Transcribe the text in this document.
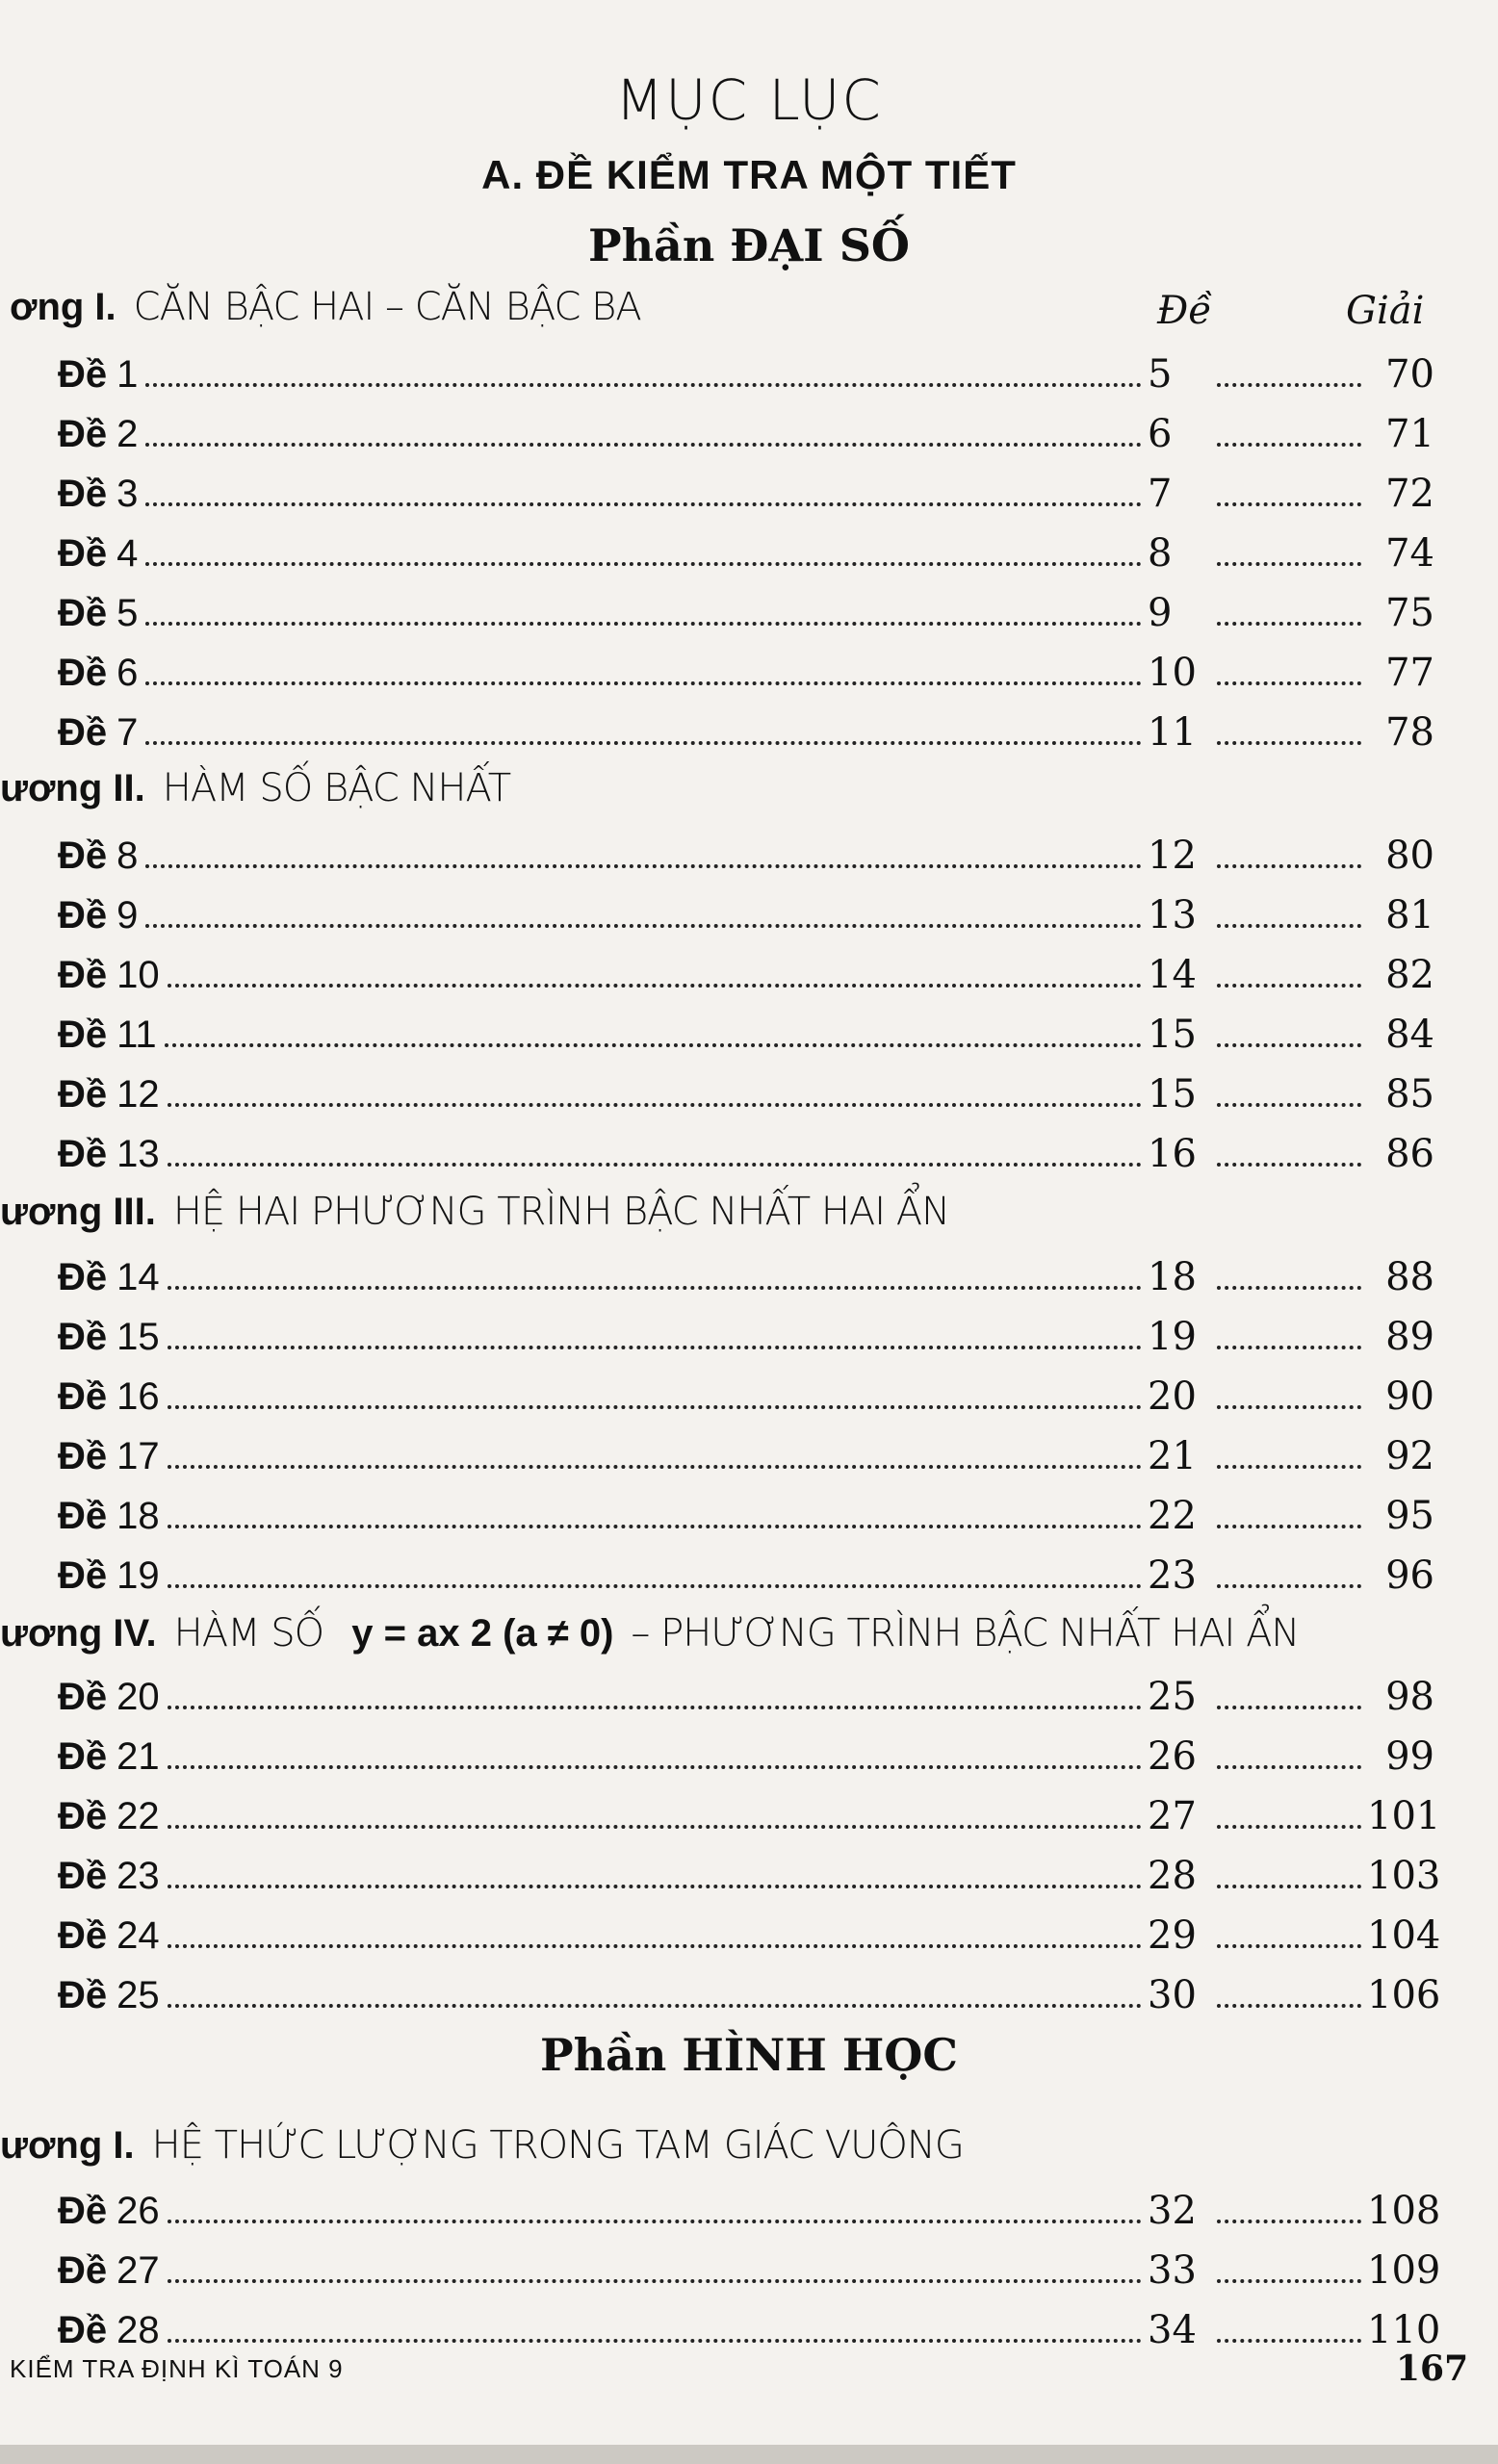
MỤC LỤC
A. ĐỀ KIỂM TRA MỘT TIẾT
Phần ĐẠI SỐ
ơng I. CĂN BẬC HAI – CĂN BẬC BA	Đề	Giải
Đề 1	5	70
Đề 2	6	71
Đề 3	7	72
Đề 4	8	74
Đề 5	9	75
Đề 6	10	77
Đề 7	11	78
ương II. HÀM SỐ BẬC NHẤT
Đề 8	12	80
Đề 9	13	81
Đề 10	14	82
Đề 11	15	84
Đề 12	15	85
Đề 13	16	86
ương III. HỆ HAI PHƯƠNG TRÌNH BẬC NHẤT HAI ẨN
Đề 14	18	88
Đề 15	19	89
Đề 16	20	90
Đề 17	21	92
Đề 18	22	95
Đề 19	23	96
ương IV. HÀM SỐ y = ax 2 (a ≠ 0) – PHƯƠNG TRÌNH BẬC NHẤT HAI ẨN
Đề 20	25	98
Đề 21	26	99
Đề 22	27	101
Đề 23	28	103
Đề 24	29	104
Đề 25	30	106
Phần HÌNH HỌC
ương I. HỆ THỨC LƯỢNG TRONG TAM GIÁC VUÔNG
Đề 26	32	108
Đề 27	33	109
Đề 28	34	110
KIỂM TRA ĐỊNH KÌ TOÁN 9	167
